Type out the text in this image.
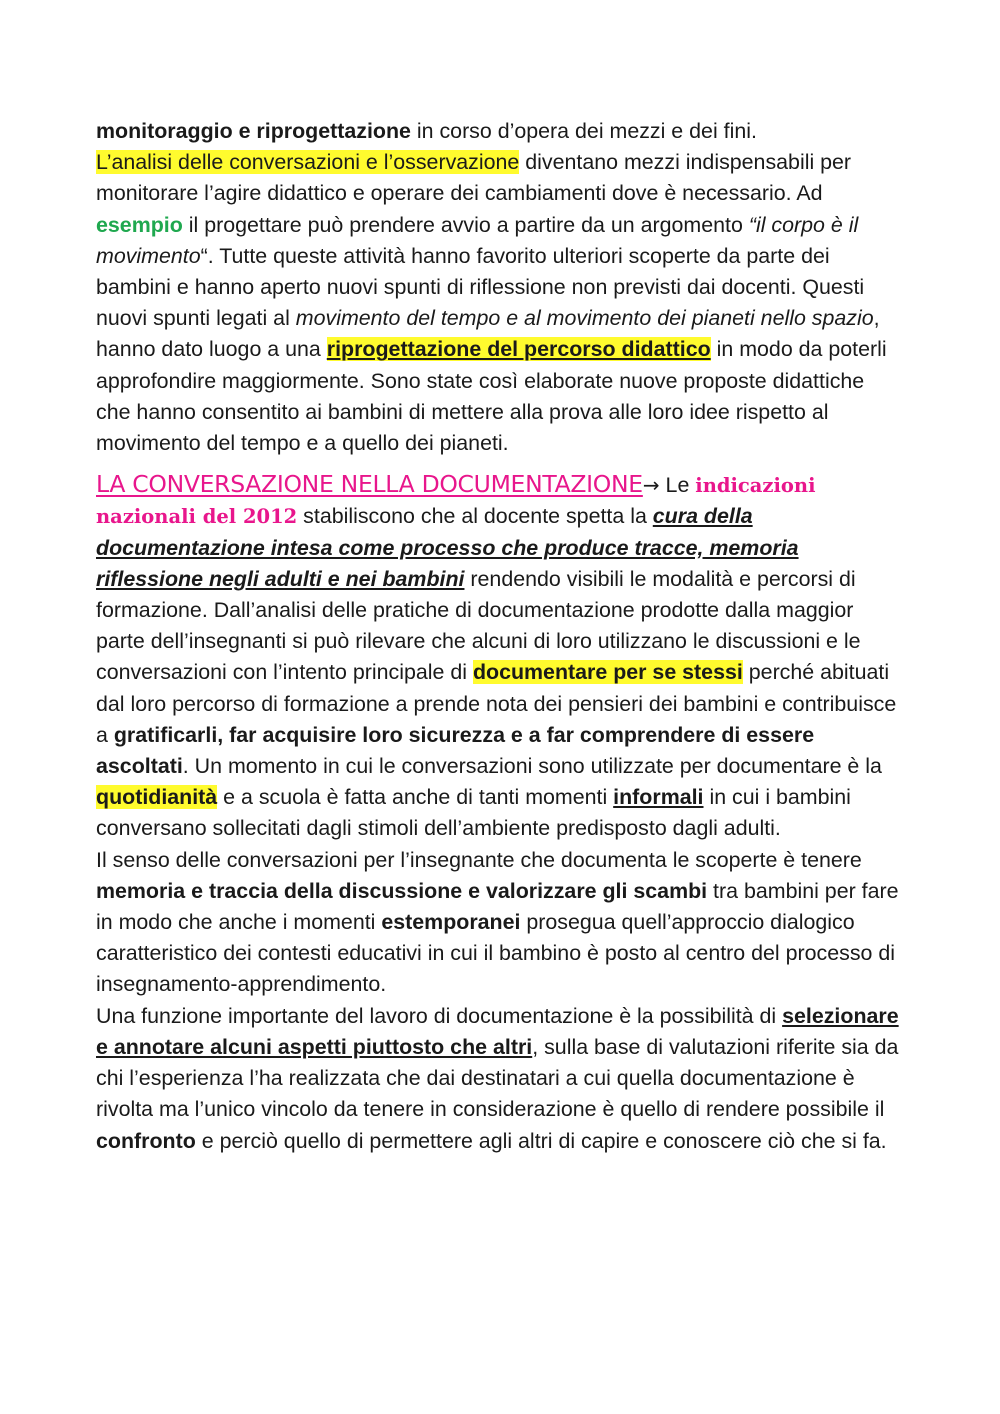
monitoraggio e riprogettazione in corso d’opera dei mezzi e dei fini.
L’analisi delle conversazioni e l’osservazione diventano mezzi indispensabili per monitorare l’agire didattico e operare dei cambiamenti dove è necessario. Ad esempio il progettare può prendere avvio a partire da un argomento “il corpo è il movimento“. Tutte queste attività hanno favorito ulteriori scoperte da parte dei bambini e hanno aperto nuovi spunti di riflessione non previsti dai docenti. Questi nuovi spunti legati al movimento del tempo e al movimento dei pianeti nello spazio, hanno dato luogo a una riprogettazione del percorso didattico in modo da poterli approfondire maggiormente. Sono state così elaborate nuove proposte didattiche che hanno consentito ai bambini di mettere alla prova alle loro idee rispetto al movimento del tempo e a quello dei pianeti.

LA CONVERSAZIONE NELLA DOCUMENTAZIONE→ Le indicazioni nazionali del 2012 stabiliscono che al docente spetta la cura della documentazione intesa come processo che produce tracce, memoria riflessione negli adulti e nei bambini rendendo visibili le modalità e percorsi di formazione. Dall’analisi delle pratiche di documentazione prodotte dalla maggior parte dell’insegnanti si può rilevare che alcuni di loro utilizzano le discussioni e le conversazioni con l’intento principale di documentare per se stessi perché abituati dal loro percorso di formazione a prende nota dei pensieri dei bambini e contribuisce a gratificarli, far acquisire loro sicurezza e a far comprendere di essere ascoltati. Un momento in cui le conversazioni sono utilizzate per documentare è la quotidianità e a scuola è fatta anche di tanti momenti informali in cui i bambini conversano sollecitati dagli stimoli dell’ambiente predisposto dagli adulti.

Il senso delle conversazioni per l’insegnante che documenta le scoperte è tenere memoria e traccia della discussione e valorizzare gli scambi tra bambini per fare in modo che anche i momenti estemporanei prosegua quell’approccio dialogico caratteristico dei contesti educativi in cui il bambino è posto al centro del processo di insegnamento-apprendimento.

Una funzione importante del lavoro di documentazione è la possibilità di selezionare e annotare alcuni aspetti piuttosto che altri, sulla base di valutazioni riferite sia da chi l’esperienza l’ha realizzata che dai destinatari a cui quella documentazione è rivolta ma l’unico vincolo da tenere in considerazione è quello di rendere possibile il confronto e perciò quello di permettere agli altri di capire e conoscere ciò che si fa.
